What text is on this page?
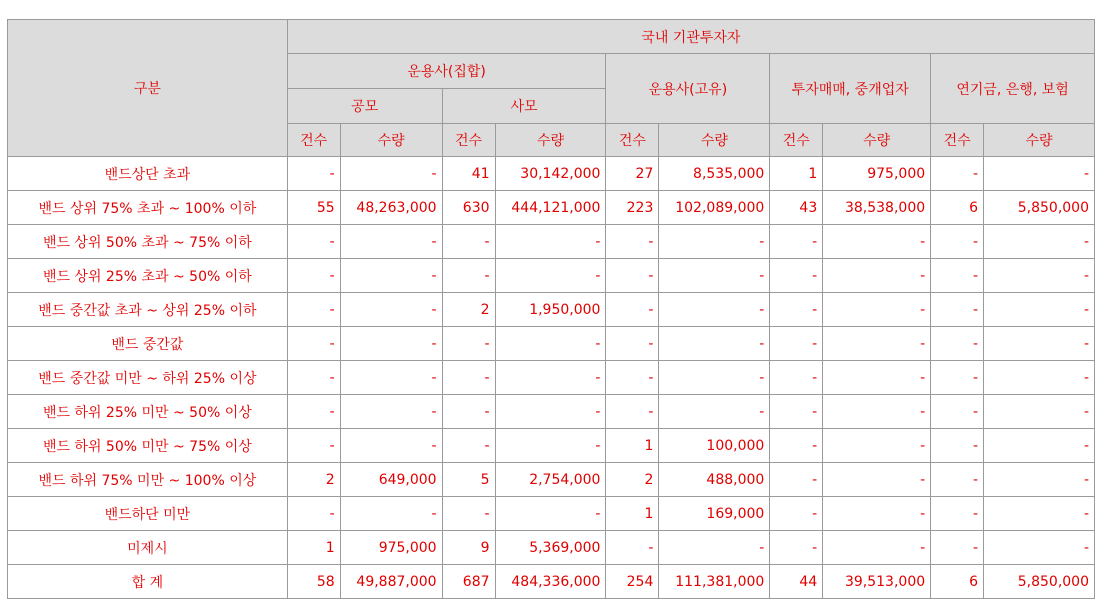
구분	국내 기관투자자									
	운용사(집합)				운용사(고유)		투자매매, 중개업자		연기금, 은행, 보험	
	공모		사모							
	건수	수량	건수	수량	건수	수량	건수	수량	건수	수량
밴드상단 초과	-	-	41	30,142,000	27	8,535,000	1	975,000	-	-
밴드 상위 75% 초과 ~ 100% 이하	55	48,263,000	630	444,121,000	223	102,089,000	43	38,538,000	6	5,850,000
밴드 상위 50% 초과 ~ 75% 이하	-	-	-	-	-	-	-	-	-	-
밴드 상위 25% 초과 ~ 50% 이하	-	-	-	-	-	-	-	-	-	-
밴드 중간값 초과 ~ 상위 25% 이하	-	-	2	1,950,000	-	-	-	-	-	-
밴드 중간값	-	-	-	-	-	-	-	-	-	-
밴드 중간값 미만 ~ 하위 25% 이상	-	-	-	-	-	-	-	-	-	-
밴드 하위 25% 미만 ~ 50% 이상	-	-	-	-	-	-	-	-	-	-
밴드 하위 50% 미만 ~ 75% 이상	-	-	-	-	1	100,000	-	-	-	-
밴드 하위 75% 미만 ~ 100% 이상	2	649,000	5	2,754,000	2	488,000	-	-	-	-
밴드하단 미만	-	-	-	-	1	169,000	-	-	-	-
미제시	1	975,000	9	5,369,000	-	-	-	-	-	-
합 계	58	49,887,000	687	484,336,000	254	111,381,000	44	39,513,000	6	5,850,000
